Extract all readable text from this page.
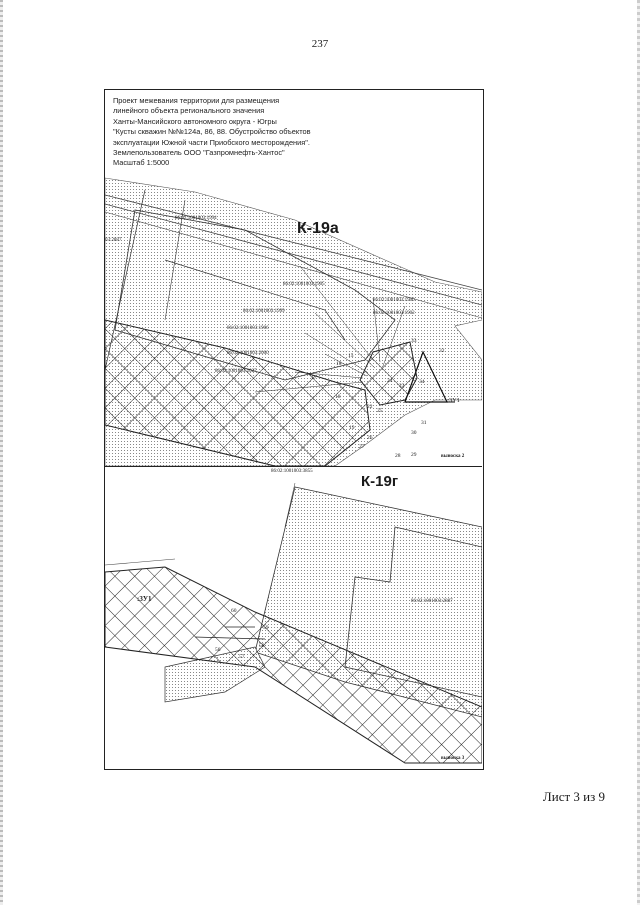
237
Проект межевания территории для размещения
линейного объекта регионального значения
Ханты-Мансийского автономного округа - Югры
"Кусты скважин №№124а, 86, 88. Обустройство объектов
эксплуатации Южной части Приобского месторождения".
Землепользователь ООО "Газпромнефть-Хантос"
Масштаб 1:5000
К-19а
86:02:1001003:1994
86:02:1001003:1905
86:02:1001003:1900
86:02:1001003:1999	86:02:1001003:1902
86:02:1001003:1906
86:02:1001003:2000
86:02:1001003:2027
03:2887
33
32
15
16
17
18
24
23
34
22
25
19
30
31
29
28
26
27
:3У1
выноска 2
К-19г
86:02:1001003:3855
86:02:1001003:2887
:3У1
60
59
56
58
57
выноска 3
Лист 3 из 9
